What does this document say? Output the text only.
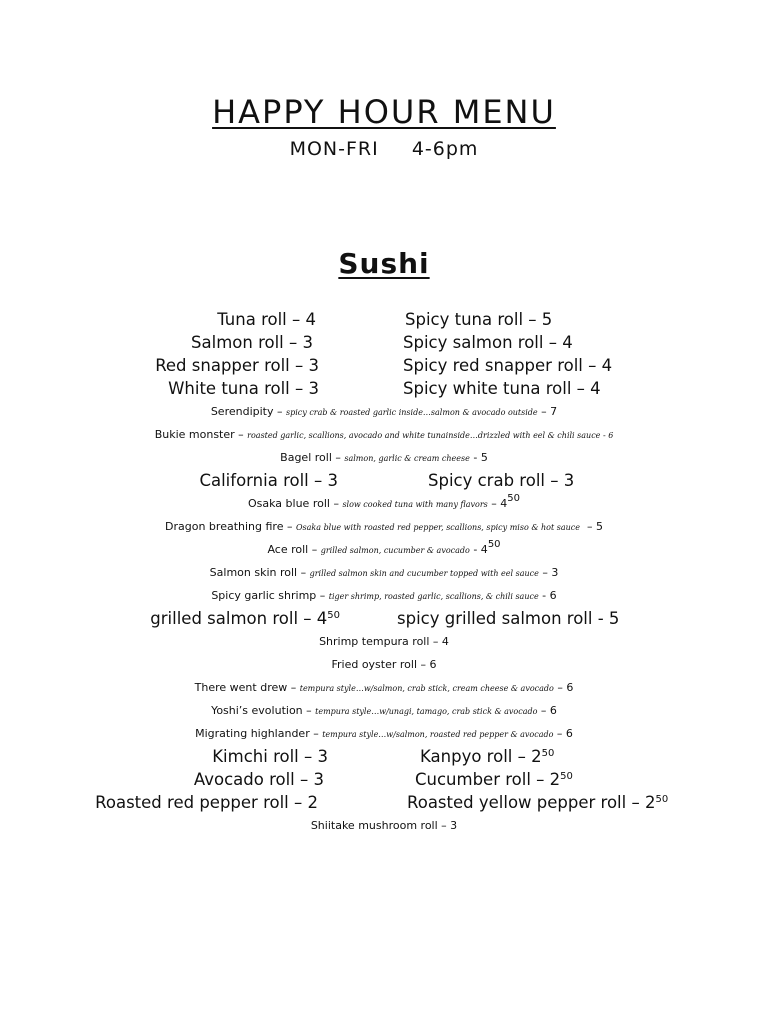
HAPPY HOUR MENU
MON-FRI   4-6pm
Sushi
Tuna roll – 4	Spicy tuna roll – 5
Salmon roll – 3	Spicy salmon roll – 4
Red snapper roll – 3	Spicy red snapper roll – 4
White tuna roll – 3	Spicy white tuna roll – 4
Serendipity – spicy crab & roasted garlic inside…salmon & avocado outside – 7
Bukie monster – roasted garlic, scallions, avocado and white tunainside…drizzled with eel & chili sauce - 6
Bagel roll – salmon, garlic & cream cheese - 5
California roll – 3	Spicy crab roll – 3
Osaka blue roll – slow cooked tuna with many flavors – $4^{50}$
Dragon breathing fire – Osaka blue with roasted red pepper, scallions, spicy miso & hot sauce  – 5
Ace roll – grilled salmon, cucumber & avocado - $4^{50}$
Salmon skin roll – grilled salmon skin and cucumber topped with eel sauce – 3
Spicy garlic shrimp – tiger shrimp, roasted garlic, scallions, & chili sauce - 6
grilled salmon roll – $4^{50}$	spicy grilled salmon roll - 5
Shrimp tempura roll – 4
Fried oyster roll – 6
There went drew – tempura style…w/salmon, crab stick, cream cheese & avocado – 6
Yoshi’s evolution – tempura style…w/unagi, tamago, crab stick & avocado – 6
Migrating highlander – tempura style…w/salmon, roasted red pepper & avocado – 6
Kimchi roll – 3	Kanpyo roll – $2^{50}$
Avocado roll – 3	Cucumber roll – $2^{50}$
Roasted red pepper roll – 2	Roasted yellow pepper roll – $2^{50}$
Shiitake mushroom roll – 3
